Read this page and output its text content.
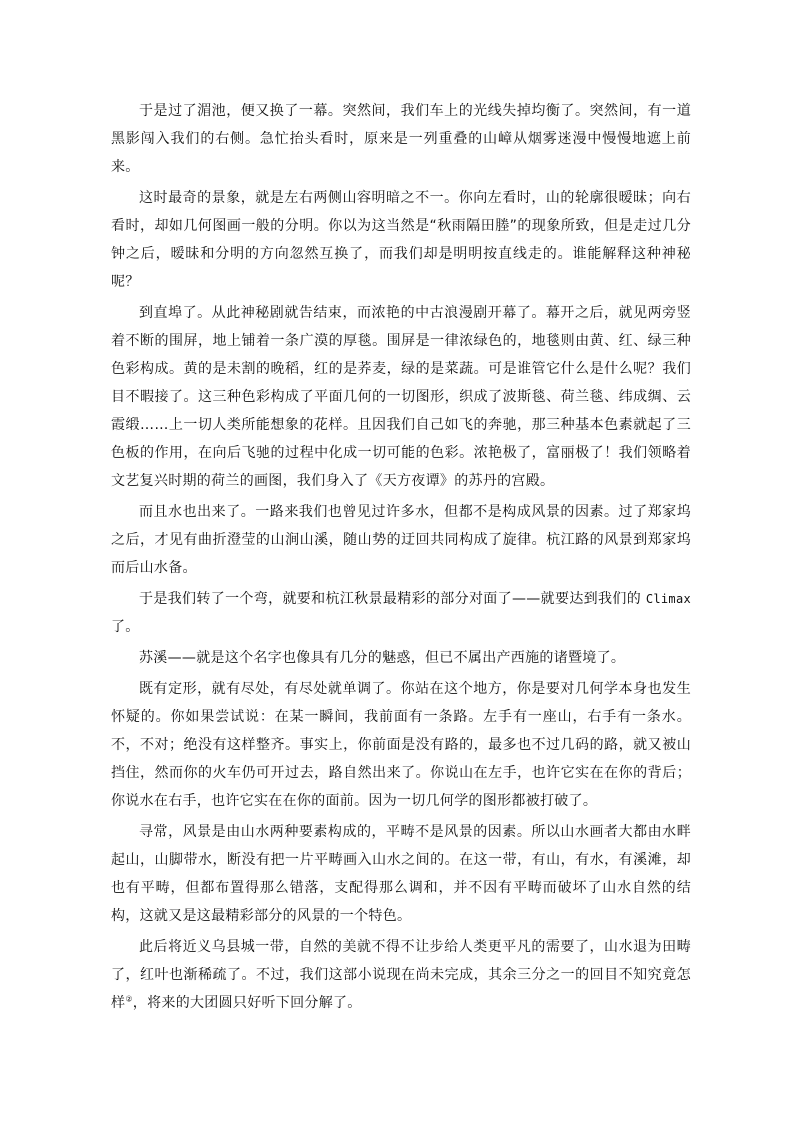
于是过了湄池，便又换了一幕。突然间，我们车上的光线失掉均衡了。突然间，有一道黑影闯入我们的右侧。急忙抬头看时，原来是一列重叠的山嶂从烟雾迷漫中慢慢地遮上前来。

这时最奇的景象，就是左右两侧山容明暗之不一。你向左看时，山的轮廓很暧昧；向右看时，却如几何图画一般的分明。你以为这当然是“秋雨隔田塍”的现象所致，但是走过几分钟之后，暧昧和分明的方向忽然互换了，而我们却是明明按直线走的。谁能解释这种神秘呢？

到直埠了。从此神秘剧就告结束，而浓艳的中古浪漫剧开幕了。幕开之后，就见两旁竖着不断的围屏，地上铺着一条广漠的厚毯。围屏是一律浓绿色的，地毯则由黄、红、绿三种色彩构成。黄的是未割的晚稻，红的是荞麦，绿的是菜蔬。可是谁管它什么是什么呢？我们目不暇接了。这三种色彩构成了平面几何的一切图形，织成了波斯毯、荷兰毯、纬成绸、云霞缎……上一切人类所能想象的花样。且因我们自己如飞的奔驰，那三种基本色素就起了三色板的作用，在向后飞驰的过程中化成一切可能的色彩。浓艳极了，富丽极了！我们领略着文艺复兴时期的荷兰的画图，我们身入了《天方夜谭》的苏丹的宫殿。

而且水也出来了。一路来我们也曾见过许多水，但都不是构成风景的因素。过了郑家坞之后，才见有曲折澄莹的山涧山溪，随山势的迂回共同构成了旋律。杭江路的风景到郑家坞而后山水备。

于是我们转了一个弯，就要和杭江秋景最精彩的部分对面了——就要达到我们的 Climax了。

苏溪——就是这个名字也像具有几分的魅惑，但已不属出产西施的诸暨境了。

既有定形，就有尽处，有尽处就单调了。你站在这个地方，你是要对几何学本身也发生怀疑的。你如果尝试说：在某一瞬间，我前面有一条路。左手有一座山，右手有一条水。不，不对；绝没有这样整齐。事实上，你前面是没有路的，最多也不过几码的路，就又被山挡住，然而你的火车仍可开过去，路自然出来了。你说山在左手，也许它实在在你的背后；你说水在右手，也许它实在在你的面前。因为一切几何学的图形都被打破了。

寻常，风景是由山水两种要素构成的，平畴不是风景的因素。所以山水画者大都由水畔起山，山脚带水，断没有把一片平畴画入山水之间的。在这一带，有山，有水，有溪滩，却也有平畴，但都布置得那么错落，支配得那么调和，并不因有平畴而破坏了山水自然的结构，这就又是这最精彩部分的风景的一个特色。

此后将近义乌县城一带，自然的美就不得不让步给人类更平凡的需要了，山水退为田畴了，红叶也渐稀疏了。不过，我们这部小说现在尚未完成，其余三分之一的回目不知究竟怎样②，将来的大团圆只好听下回分解了。
